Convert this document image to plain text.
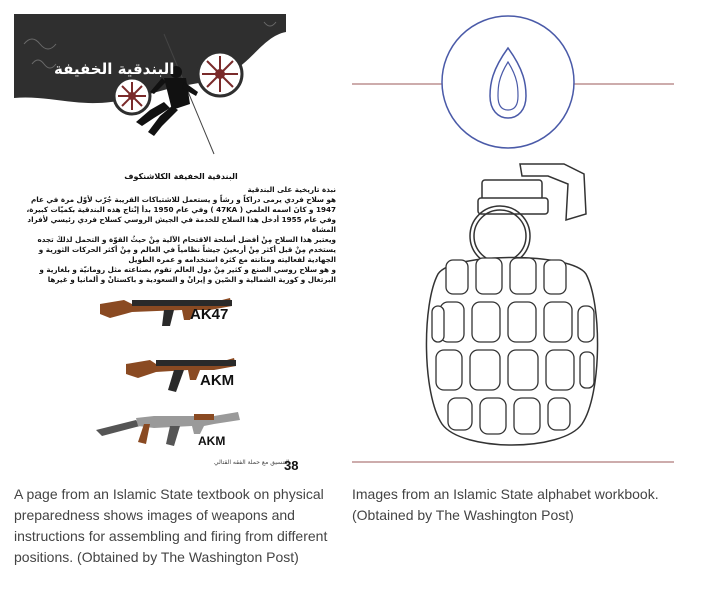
البندقية الخفيفة
البندقية الخفيفة الكلاشنكوف

نبذة تاريخية على البندقية

هو سلاح فردي يرمى دراكاً و رشاً و يستعمل للاشتباكات القريبة جُرّب لأوّل مرة في عام 1947 و كانَ اسمه العلمي ( 47KA ) وفي عام 1950 بدأ إنْتاج هذه البندقية بكميّات كبيرة، وفي عام 1955 أدخل هذا السلاح للخدمة في الجيش الروسي كسلاح فردي رئيسي لأفراد المشاة

ويعتبر هذا السلاح مِنْ أفضل أسلحة الاقتحام الآلية مِنْ حيثُ القوّة و التحمل لذلكَ تجده يستخدم مِنْ قبل أكثر مِنْ أربعينَ جيشاً نظامياً في العالم و مِنْ أكثر الحركات الثورية و الجهادية لفعاليته ومتانته مع كثرة استخدامه و عمره الطويل

و هو سلاح روسي الصنع و كثير مِنْ دول العالم تقوم بصناعته مثل رومانيّة و بلغارية و البرتغال و كورية الشمالية و الصّين و إيرانْ و السعودية و باكستانْ و ألمانيا و غيرها

AK47
AKM
AKM
بالتنسيق مع حملة الفقه القتالي
38
A page from an Islamic State textbook on physical preparedness shows images of weapons and instructions for assembling and firing from different positions. (Obtained by The Washington Post)
Images from an Islamic State alphabet workbook. (Obtained by The Washington Post)
